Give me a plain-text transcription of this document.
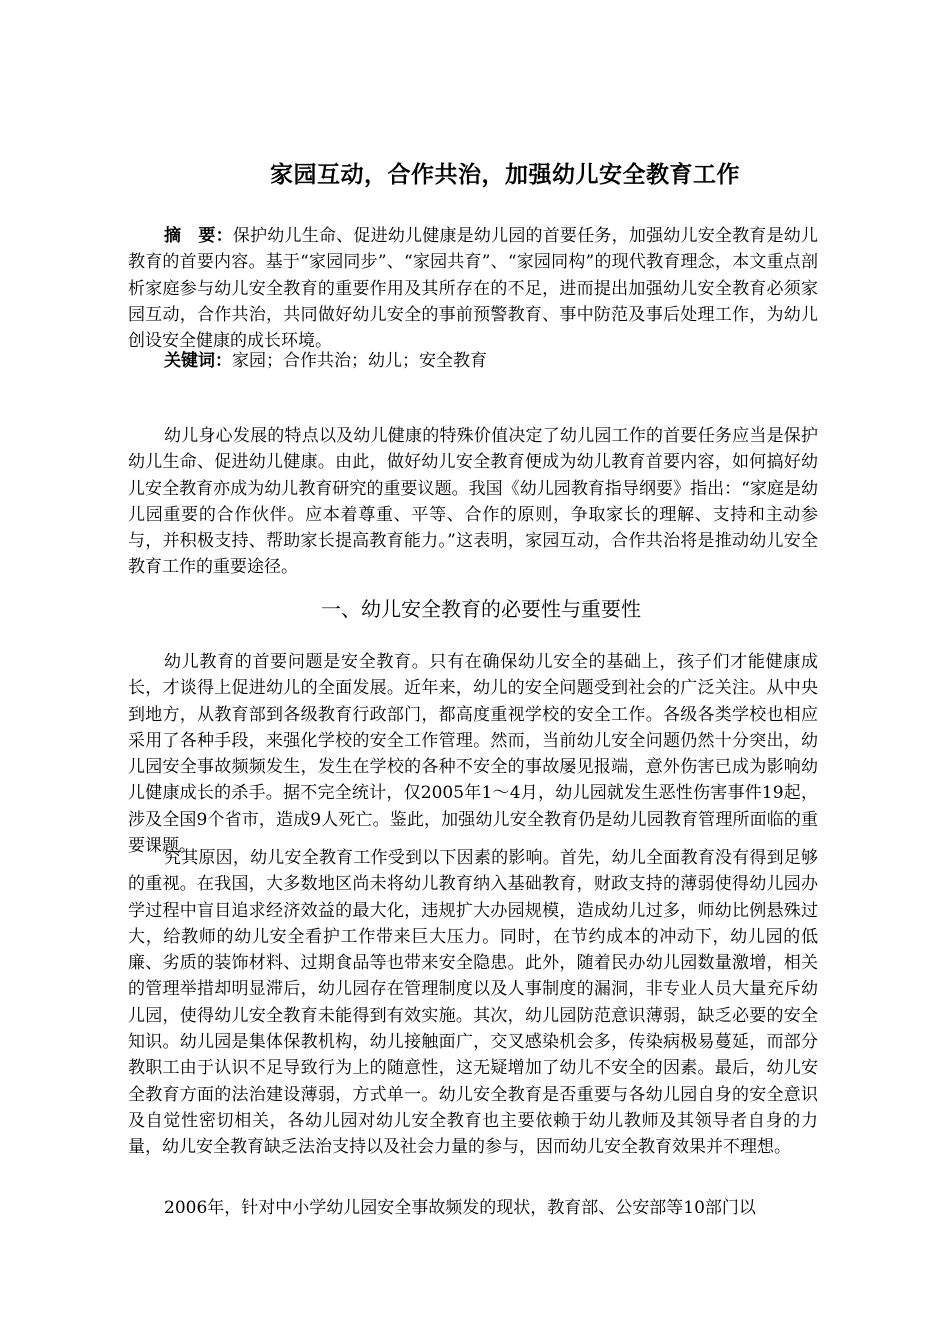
家园互动，合作共治，加强幼儿安全教育工作
摘　要：保护幼儿生命、促进幼儿健康是幼儿园的首要任务，加强幼儿安全教育是幼儿教育的首要内容。基于“家园同步”、“家园共育”、“家园同构”的现代教育理念，本文重点剖析家庭参与幼儿安全教育的重要作用及其所存在的不足，进而提出加强幼儿安全教育必须家园互动，合作共治，共同做好幼儿安全的事前预警教育、事中防范及事后处理工作，为幼儿创设安全健康的成长环境。
关键词：家园；合作共治；幼儿；安全教育

幼儿身心发展的特点以及幼儿健康的特殊价值决定了幼儿园工作的首要任务应当是保护幼儿生命、促进幼儿健康。由此，做好幼儿安全教育便成为幼儿教育首要内容，如何搞好幼儿安全教育亦成为幼儿教育研究的重要议题。我国《幼儿园教育指导纲要》指出：“家庭是幼儿园重要的合作伙伴。应本着尊重、平等、合作的原则，争取家长的理解、支持和主动参与，并积极支持、帮助家长提高教育能力。”这表明，家园互动，合作共治将是推动幼儿安全教育工作的重要途径。

一、幼儿安全教育的必要性与重要性

幼儿教育的首要问题是安全教育。只有在确保幼儿安全的基础上，孩子们才能健康成长，才谈得上促进幼儿的全面发展。近年来，幼儿的安全问题受到社会的广泛关注。从中央到地方，从教育部到各级教育行政部门，都高度重视学校的安全工作。各级各类学校也相应采用了各种手段，来强化学校的安全工作管理。然而，当前幼儿安全问题仍然十分突出，幼儿园安全事故频频发生，发生在学校的各种不安全的事故屡见报端，意外伤害已成为影响幼儿健康成长的杀手。据不完全统计，仅2005年1～4月，幼儿园就发生恶性伤害事件19起，涉及全国9个省市，造成9人死亡。鉴此，加强幼儿安全教育仍是幼儿园教育管理所面临的重要课题。

究其原因，幼儿安全教育工作受到以下因素的影响。首先，幼儿全面教育没有得到足够的重视。在我国，大多数地区尚未将幼儿教育纳入基础教育，财政支持的薄弱使得幼儿园办学过程中盲目追求经济效益的最大化，违规扩大办园规模，造成幼儿过多，师幼比例悬殊过大，给教师的幼儿安全看护工作带来巨大压力。同时，在节约成本的冲动下，幼儿园的低廉、劣质的装饰材料、过期食品等也带来安全隐患。此外，随着民办幼儿园数量激增，相关的管理举措却明显滞后，幼儿园存在管理制度以及人事制度的漏洞，非专业人员大量充斥幼儿园，使得幼儿安全教育未能得到有效实施。其次，幼儿园防范意识薄弱，缺乏必要的安全知识。幼儿园是集体保教机构，幼儿接触面广，交叉感染机会多，传染病极易蔓延，而部分教职工由于认识不足导致行为上的随意性，这无疑增加了幼儿不安全的因素。最后，幼儿安全教育方面的法治建设薄弱，方式单一。幼儿安全教育是否重要与各幼儿园自身的安全意识及自觉性密切相关，各幼儿园对幼儿安全教育也主要依赖于幼儿教师及其领导者自身的力量，幼儿安全教育缺乏法治支持以及社会力量的参与，因而幼儿安全教育效果并不理想。

2006年，针对中小学幼儿园安全事故频发的现状，教育部、公安部等10部门以
